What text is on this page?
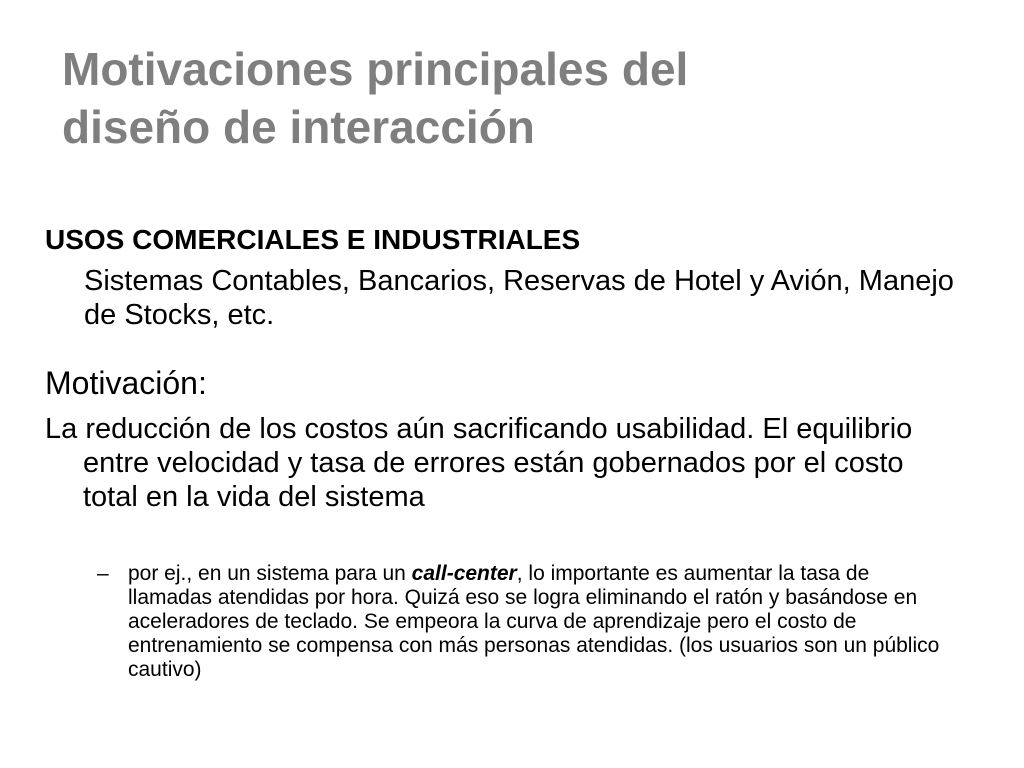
Motivaciones principales del
diseño de interacción

USOS COMERCIALES E INDUSTRIALES

Sistemas Contables, Bancarios, Reservas de Hotel y Avión, Manejo de Stocks, etc.

Motivación:

La reducción de los costos aún sacrificando usabilidad. El equilibrio entre velocidad y tasa de errores están gobernados por el costo total en la vida del sistema

– por ej., en un sistema para un call-center, lo importante es aumentar la tasa de llamadas atendidas por hora. Quizá eso se logra eliminando el ratón y basándose en aceleradores de teclado. Se empeora la curva de aprendizaje pero el costo de entrenamiento se compensa con más personas atendidas. (los usuarios son un público cautivo)
